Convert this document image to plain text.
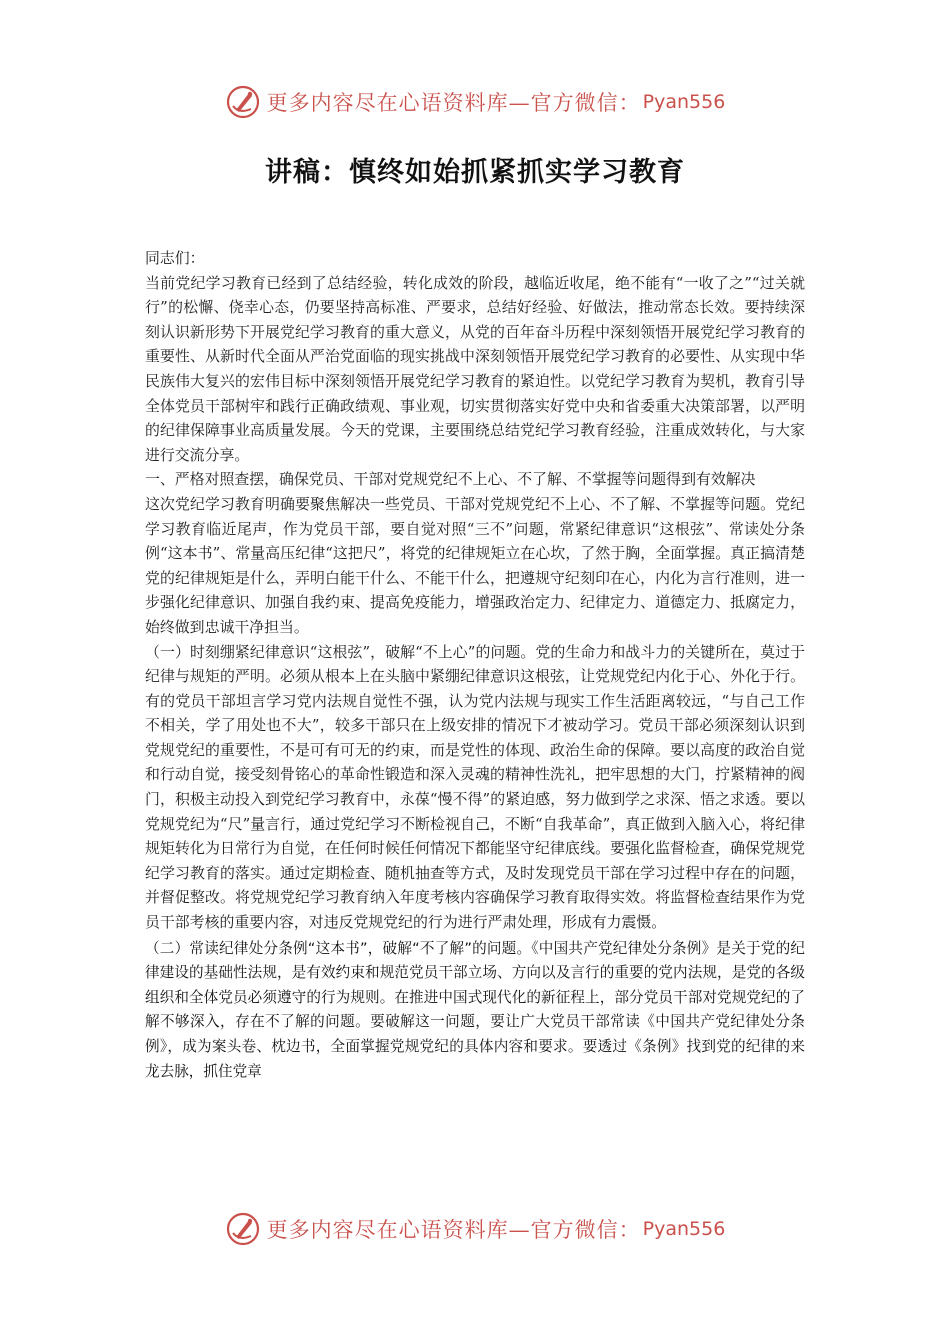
更多内容尽在心语资料库—官方微信： Pyan556
讲稿：慎终如始抓紧抓实学习教育

同志们：

当前党纪学习教育已经到了总结经验，转化成效的阶段，越临近收尾，绝不能有“一收了之”“过关就行”的松懈、侥幸心态，仍要坚持高标准、严要求，总结好经验、好做法，推动常态长效。要持续深刻认识新形势下开展党纪学习教育的重大意义，从党的百年奋斗历程中深刻领悟开展党纪学习教育的重要性、从新时代全面从严治党面临的现实挑战中深刻领悟开展党纪学习教育的必要性、从实现中华民族伟大复兴的宏伟目标中深刻领悟开展党纪学习教育的紧迫性。以党纪学习教育为契机，教育引导全体党员干部树牢和践行正确政绩观、事业观，切实贯彻落实好党中央和省委重大决策部署，以严明的纪律保障事业高质量发展。今天的党课，主要围绕总结党纪学习教育经验，注重成效转化，与大家进行交流分享。

一、严格对照查摆，确保党员、干部对党规党纪不上心、不了解、不掌握等问题得到有效解决

这次党纪学习教育明确要聚焦解决一些党员、干部对党规党纪不上心、不了解、不掌握等问题。党纪学习教育临近尾声，作为党员干部，要自觉对照“三不”问题，常紧纪律意识“这根弦”、常读处分条例“这本书”、常量高压纪律“这把尺”，将党的纪律规矩立在心坎，了然于胸，全面掌握。真正搞清楚党的纪律规矩是什么，弄明白能干什么、不能干什么，把遵规守纪刻印在心，内化为言行准则，进一步强化纪律意识、加强自我约束、提高免疫能力，增强政治定力、纪律定力、道德定力、抵腐定力，始终做到忠诚干净担当。

（一）时刻绷紧纪律意识“这根弦”，破解“不上心”的问题。党的生命力和战斗力的关键所在，莫过于纪律与规矩的严明。必须从根本上在头脑中紧绷纪律意识这根弦，让党规党纪内化于心、外化于行。有的党员干部坦言学习党内法规自觉性不强，认为党内法规与现实工作生活距离较远，“与自己工作不相关，学了用处也不大”，较多干部只在上级安排的情况下才被动学习。党员干部必须深刻认识到党规党纪的重要性，不是可有可无的约束，而是党性的体现、政治生命的保障。要以高度的政治自觉和行动自觉，接受刻骨铭心的革命性锻造和深入灵魂的精神性洗礼，把牢思想的大门，拧紧精神的阀门，积极主动投入到党纪学习教育中，永葆“慢不得”的紧迫感，努力做到学之求深、悟之求透。要以党规党纪为“尺”量言行，通过党纪学习不断检视自己，不断“自我革命”，真正做到入脑入心，将纪律规矩转化为日常行为自觉，在任何时候任何情况下都能坚守纪律底线。要强化监督检查，确保党规党纪学习教育的落实。通过定期检查、随机抽查等方式，及时发现党员干部在学习过程中存在的问题，并督促整改。将党规党纪学习教育纳入年度考核内容确保学习教育取得实效。将监督检查结果作为党员干部考核的重要内容，对违反党规党纪的行为进行严肃处理，形成有力震慑。

（二）常读纪律处分条例“这本书”，破解“不了解”的问题。《中国共产党纪律处分条例》是关于党的纪律建设的基础性法规，是有效约束和规范党员干部立场、方向以及言行的重要的党内法规，是党的各级组织和全体党员必须遵守的行为规则。在推进中国式现代化的新征程上，部分党员干部对党规党纪的了解不够深入，存在不了解的问题。要破解这一问题，要让广大党员干部常读《中国共产党纪律处分条例》，成为案头卷、枕边书，全面掌握党规党纪的具体内容和要求。要透过《条例》找到党的纪律的来龙去脉，抓住党章

更多内容尽在心语资料库—官方微信： Pyan556
